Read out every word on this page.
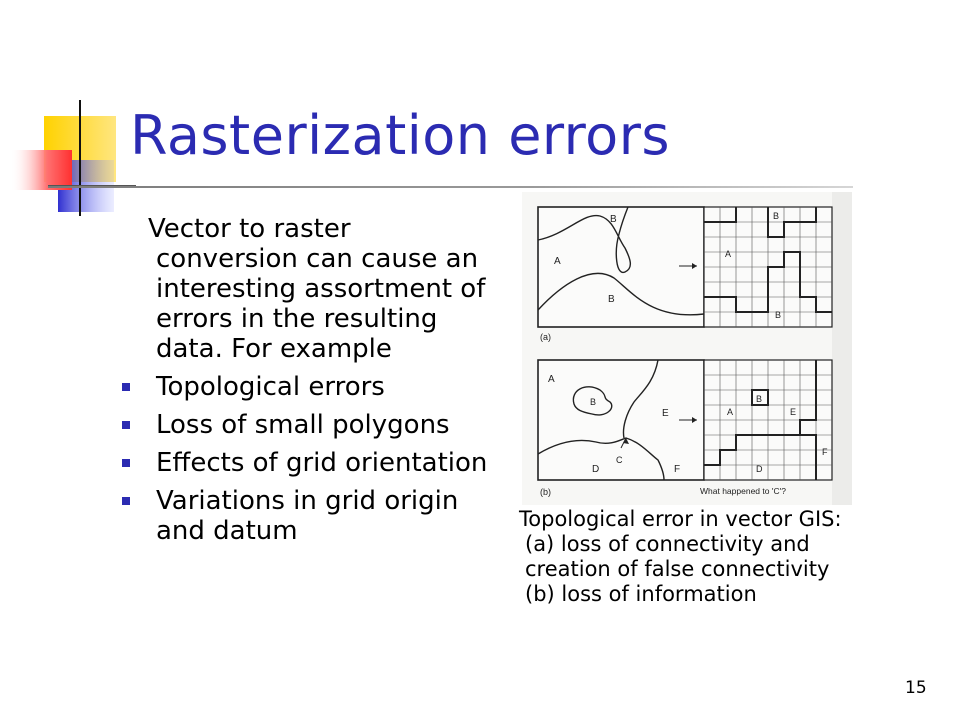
Rasterization errors

Vector to raster conversion can cause an interesting assortment of errors in the resulting data. For example

Topological errors
Loss of small polygons
Effects of grid orientation
Variations in grid origin and datum
B
A
B
(a)
B
A
B
A
B
E
D
C
F
(b)
B
A	E
F
D
What happened to 'C'?
Topological error in vector GIS:
(a) loss of connectivity and
creation of false connectivity
(b) loss of information
15
